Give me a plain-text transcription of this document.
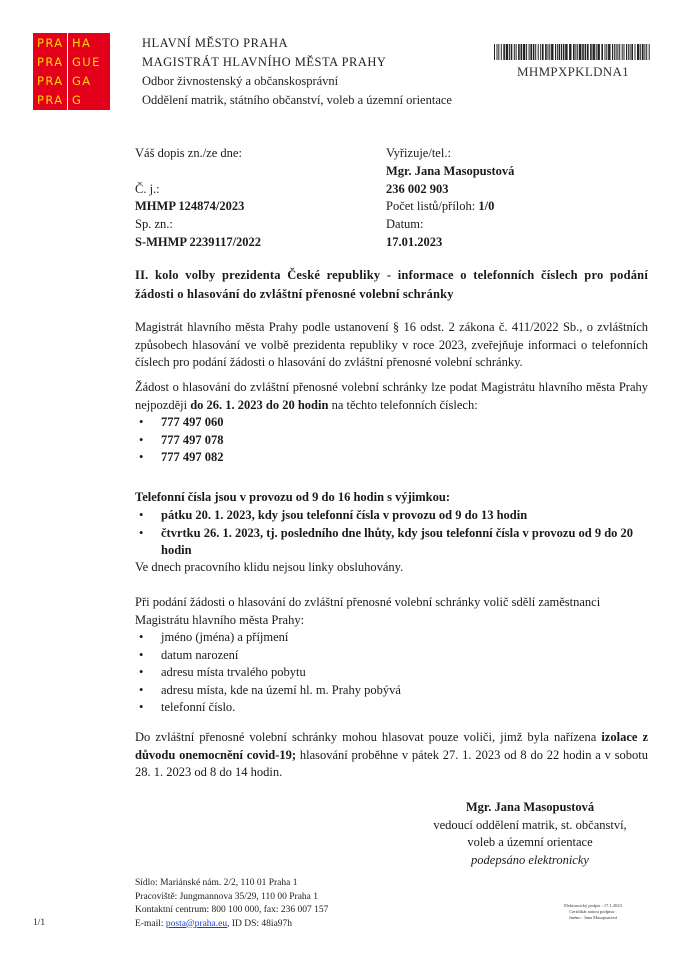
PRA HA
PRA GUE
PRA GA
PRA G
HLAVNÍ MĚSTO PRAHA
MAGISTRÁT HLAVNÍHO MĚSTA PRAHY
Odbor živnostenský a občanskosprávní
Oddělení matrik, státního občanství, voleb a územní orientace
MHMPXPKLDNA1
Váš dopis zn./ze dne:
Č. j.:
MHMP 124874/2023
Sp. zn.:
S-MHMP 2239117/2022
Vyřizuje/tel.:
Mgr. Jana Masopustová
236 002 903
Počet listů/příloh: 1/0
Datum:
17.01.2023
II. kolo volby prezidenta České republiky - informace o telefonních číslech pro podání žádosti o hlasování do zvláštní přenosné volební schránky
Magistrát hlavního města Prahy podle ustanovení § 16 odst. 2 zákona č. 411/2022 Sb., o zvláštních způsobech hlasování ve volbě prezidenta republiky v roce 2023, zveřejňuje informaci o telefonních číslech pro podání žádosti o hlasování do zvláštní přenosné volební schránky.
Žádost o hlasování do zvláštní přenosné volební schránky lze podat Magistrátu hlavního města Prahy nejpozději do 26. 1. 2023 do 20 hodin na těchto telefonních číslech:
• 777 497 060
• 777 497 078
• 777 497 082
Telefonní čísla jsou v provozu od 9 do 16 hodin s výjimkou:
• pátku 20. 1. 2023, kdy jsou telefonní čísla v provozu od 9 do 13 hodin
• čtvrtku 26. 1. 2023, tj. posledního dne lhůty, kdy jsou telefonní čísla v provozu od 9 do 20 hodin
Ve dnech pracovního klidu nejsou linky obsluhovány.
Při podání žádosti o hlasování do zvláštní přenosné volební schránky volič sdělí zaměstnanci Magistrátu hlavního města Prahy:
• jméno (jména) a příjmení
• datum narození
• adresu místa trvalého pobytu
• adresu místa, kde na území hl. m. Prahy pobývá
• telefonní číslo.
Do zvláštní přenosné volební schránky mohou hlasovat pouze voliči, jimž byla nařízena izolace z důvodu onemocnění covid-19; hlasování proběhne v pátek 27. 1. 2023 od 8 do 22 hodin a v sobotu 28. 1. 2023 od 8 do 14 hodin.
Mgr. Jana Masopustová
vedoucí oddělení matrik, st. občanství,
voleb a územní orientace
podepsáno elektronicky
Sídlo: Mariánské nám. 2/2, 110 01 Praha 1
Pracoviště: Jungmannova 35/29, 110 00 Praha 1
Kontaktní centrum: 800 100 000, fax: 236 007 157
E-mail: posta@praha.eu, ID DS: 48ia97h
1/1
Elektronický podpis : 17.1.2023
Certifikát autora podpisu :
Jméno : Jana Masopustová
